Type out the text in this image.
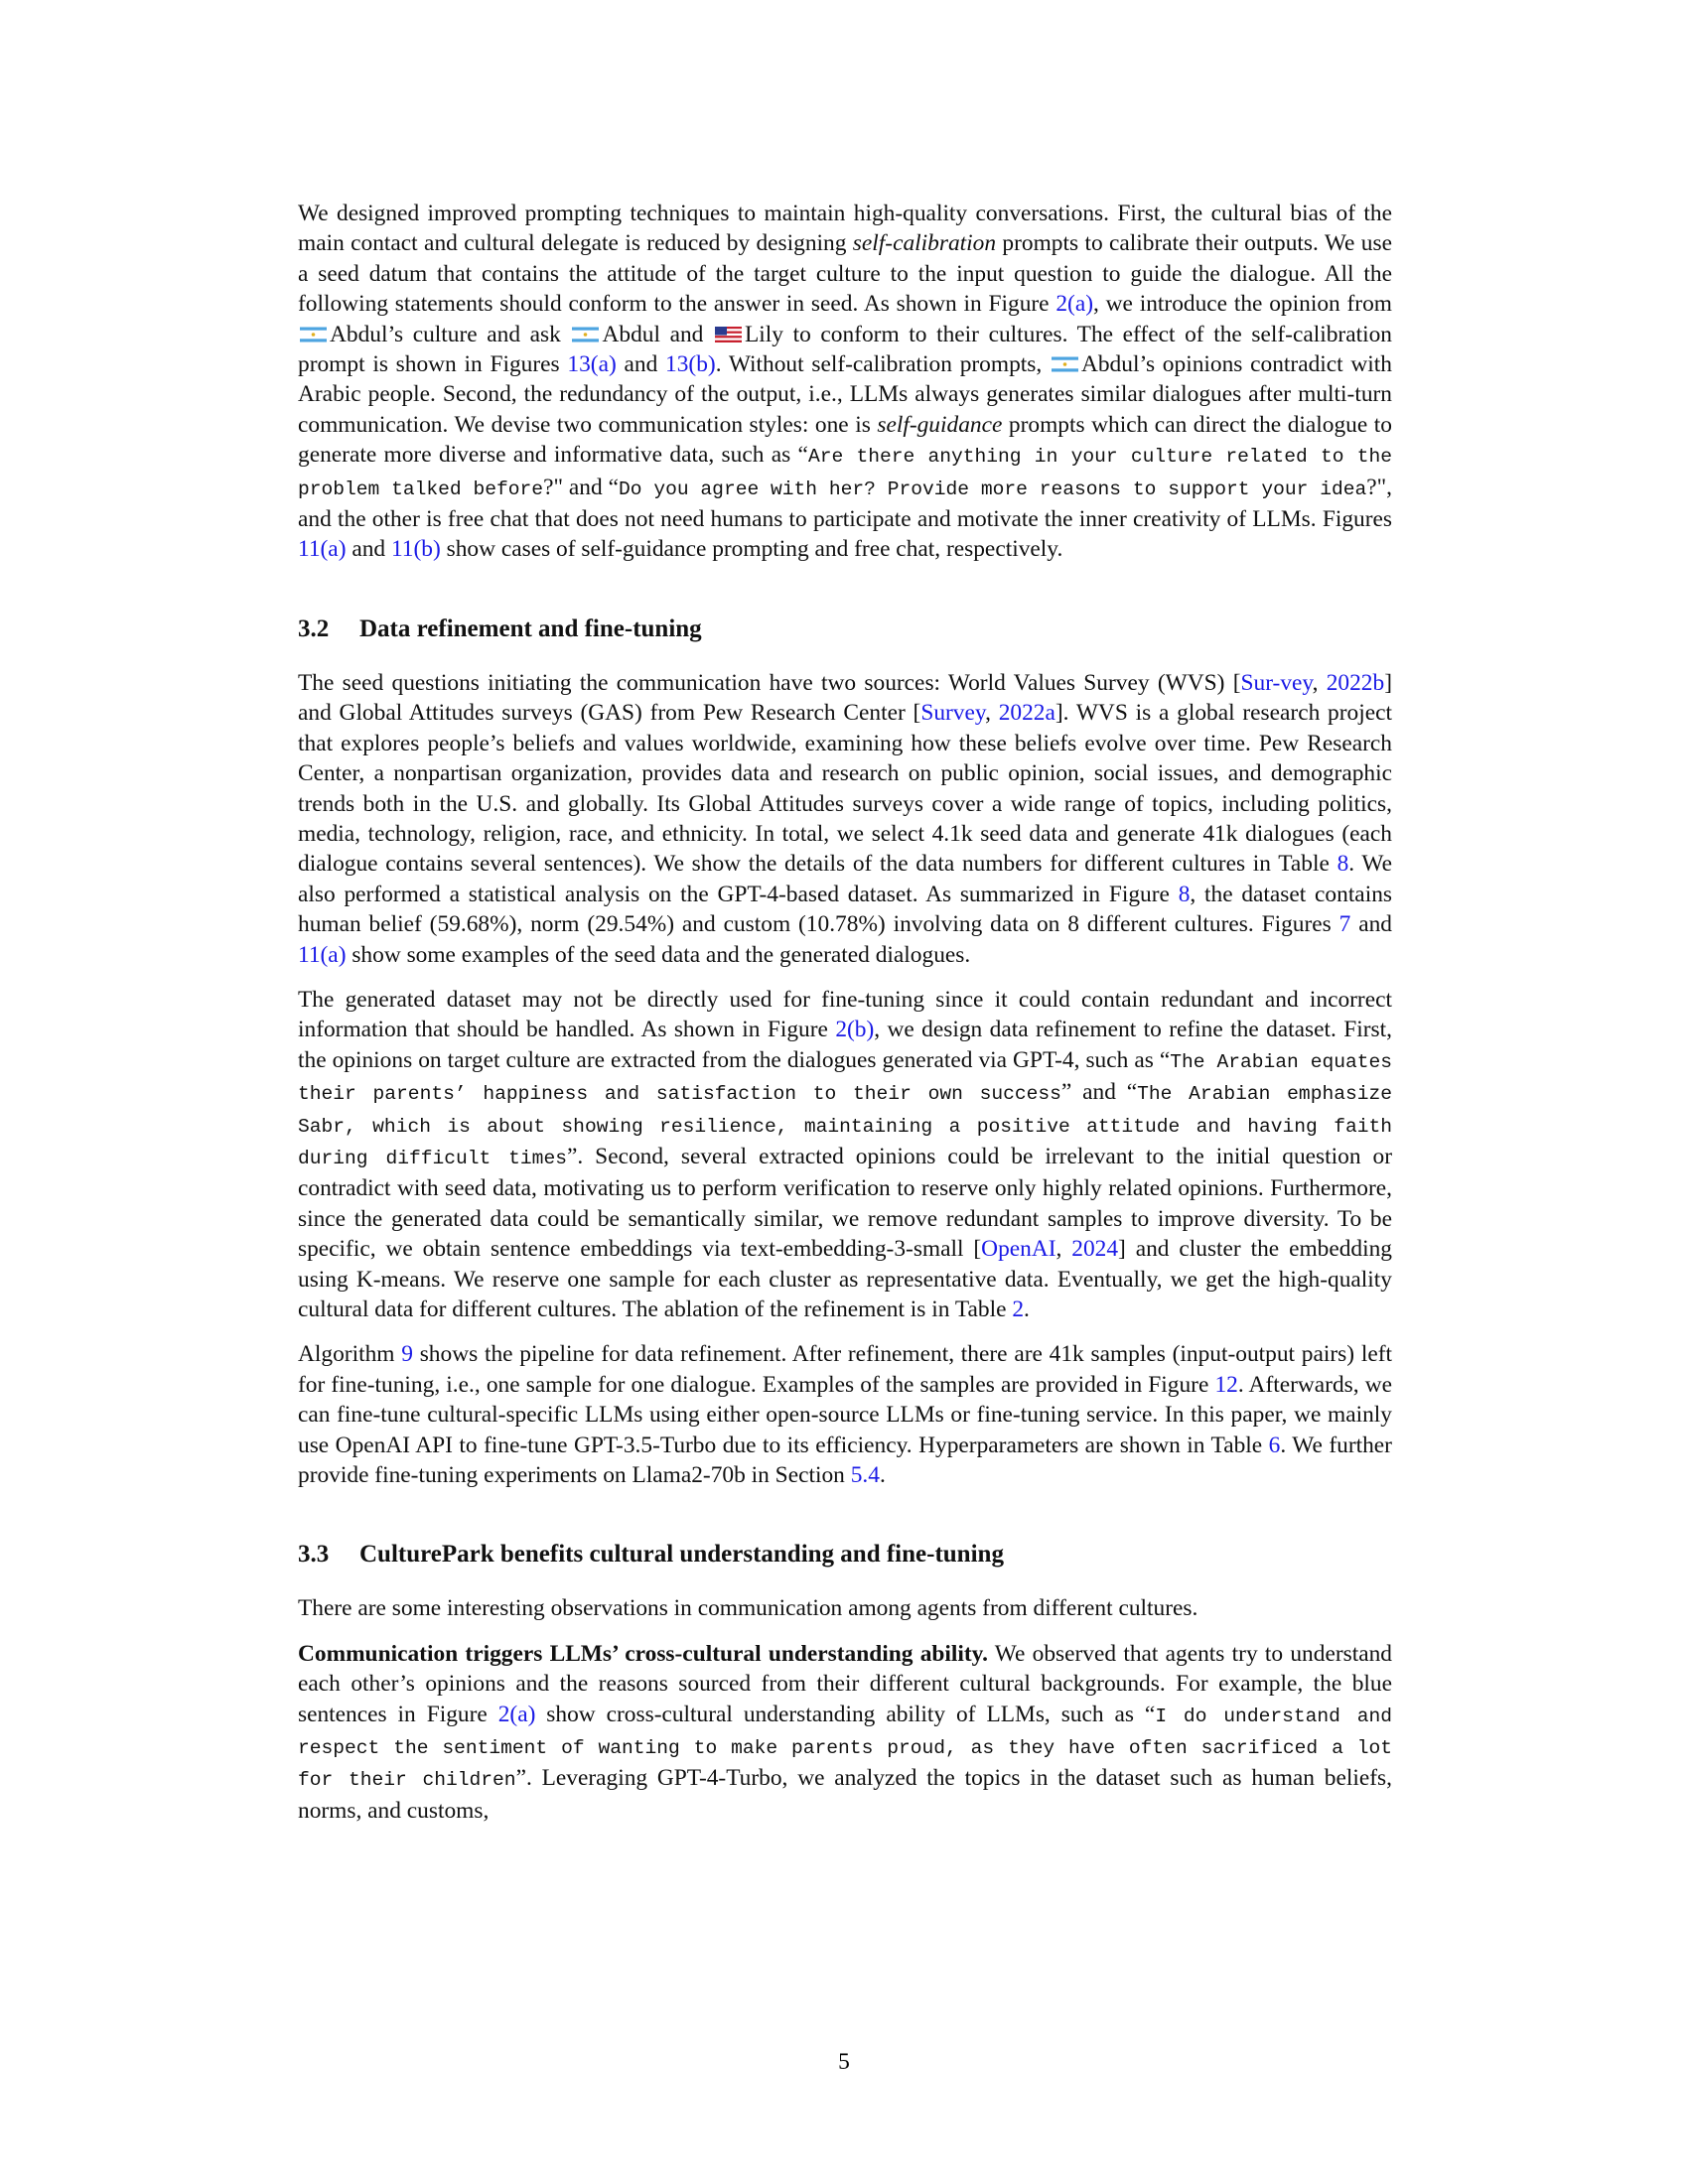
We designed improved prompting techniques to maintain high-quality conversations. First, the cultural bias of the main contact and cultural delegate is reduced by designing self-calibration prompts to calibrate their outputs. We use a seed datum that contains the attitude of the target culture to the input question to guide the dialogue. All the following statements should conform to the answer in seed. As shown in Figure 2(a), we introduce the opinion from Abdul’s culture and ask Abdul and Lily to conform to their cultures. The effect of the self-calibration prompt is shown in Figures 13(a) and 13(b). Without self-calibration prompts, Abdul’s opinions contradict with Arabic people. Second, the redundancy of the output, i.e., LLMs always generates similar dialogues after multi-turn communication. We devise two communication styles: one is self-guidance prompts which can direct the dialogue to generate more diverse and informative data, such as “Are there anything in your culture related to the problem talked before?" and “Do you agree with her? Provide more reasons to support your idea?", and the other is free chat that does not need humans to participate and motivate the inner creativity of LLMs. Figures 11(a) and 11(b) show cases of self-guidance prompting and free chat, respectively.

3.2 Data refinement and fine-tuning

The seed questions initiating the communication have two sources: World Values Survey (WVS) [Sur-vey, 2022b] and Global Attitudes surveys (GAS) from Pew Research Center [Survey, 2022a]. WVS is a global research project that explores people’s beliefs and values worldwide, examining how these beliefs evolve over time. Pew Research Center, a nonpartisan organization, provides data and research on public opinion, social issues, and demographic trends both in the U.S. and globally. Its Global Attitudes surveys cover a wide range of topics, including politics, media, technology, religion, race, and ethnicity. In total, we select 4.1k seed data and generate 41k dialogues (each dialogue contains several sentences). We show the details of the data numbers for different cultures in Table 8. We also performed a statistical analysis on the GPT-4-based dataset. As summarized in Figure 8, the dataset contains human belief (59.68%), norm (29.54%) and custom (10.78%) involving data on 8 different cultures. Figures 7 and 11(a) show some examples of the seed data and the generated dialogues.

The generated dataset may not be directly used for fine-tuning since it could contain redundant and incorrect information that should be handled. As shown in Figure 2(b), we design data refinement to refine the dataset. First, the opinions on target culture are extracted from the dialogues generated via GPT-4, such as “The Arabian equates their parents’ happiness and satisfaction to their own success” and “The Arabian emphasize Sabr, which is about showing resilience, maintaining a positive attitude and having faith during difficult times”. Second, several extracted opinions could be irrelevant to the initial question or contradict with seed data, motivating us to perform verification to reserve only highly related opinions. Furthermore, since the generated data could be semantically similar, we remove redundant samples to improve diversity. To be specific, we obtain sentence embeddings via text-embedding-3-small [OpenAI, 2024] and cluster the embedding using K-means. We reserve one sample for each cluster as representative data. Eventually, we get the high-quality cultural data for different cultures. The ablation of the refinement is in Table 2.

Algorithm 9 shows the pipeline for data refinement. After refinement, there are 41k samples (input-output pairs) left for fine-tuning, i.e., one sample for one dialogue. Examples of the samples are provided in Figure 12. Afterwards, we can fine-tune cultural-specific LLMs using either open-source LLMs or fine-tuning service. In this paper, we mainly use OpenAI API to fine-tune GPT-3.5-Turbo due to its efficiency. Hyperparameters are shown in Table 6. We further provide fine-tuning experiments on Llama2-70b in Section 5.4.

3.3 CulturePark benefits cultural understanding and fine-tuning

There are some interesting observations in communication among agents from different cultures.

Communication triggers LLMs’ cross-cultural understanding ability. We observed that agents try to understand each other’s opinions and the reasons sourced from their different cultural backgrounds. For example, the blue sentences in Figure 2(a) show cross-cultural understanding ability of LLMs, such as “I do understand and respect the sentiment of wanting to make parents proud, as they have often sacrificed a lot for their children”. Leveraging GPT-4-Turbo, we analyzed the topics in the dataset such as human beliefs, norms, and customs,

5
